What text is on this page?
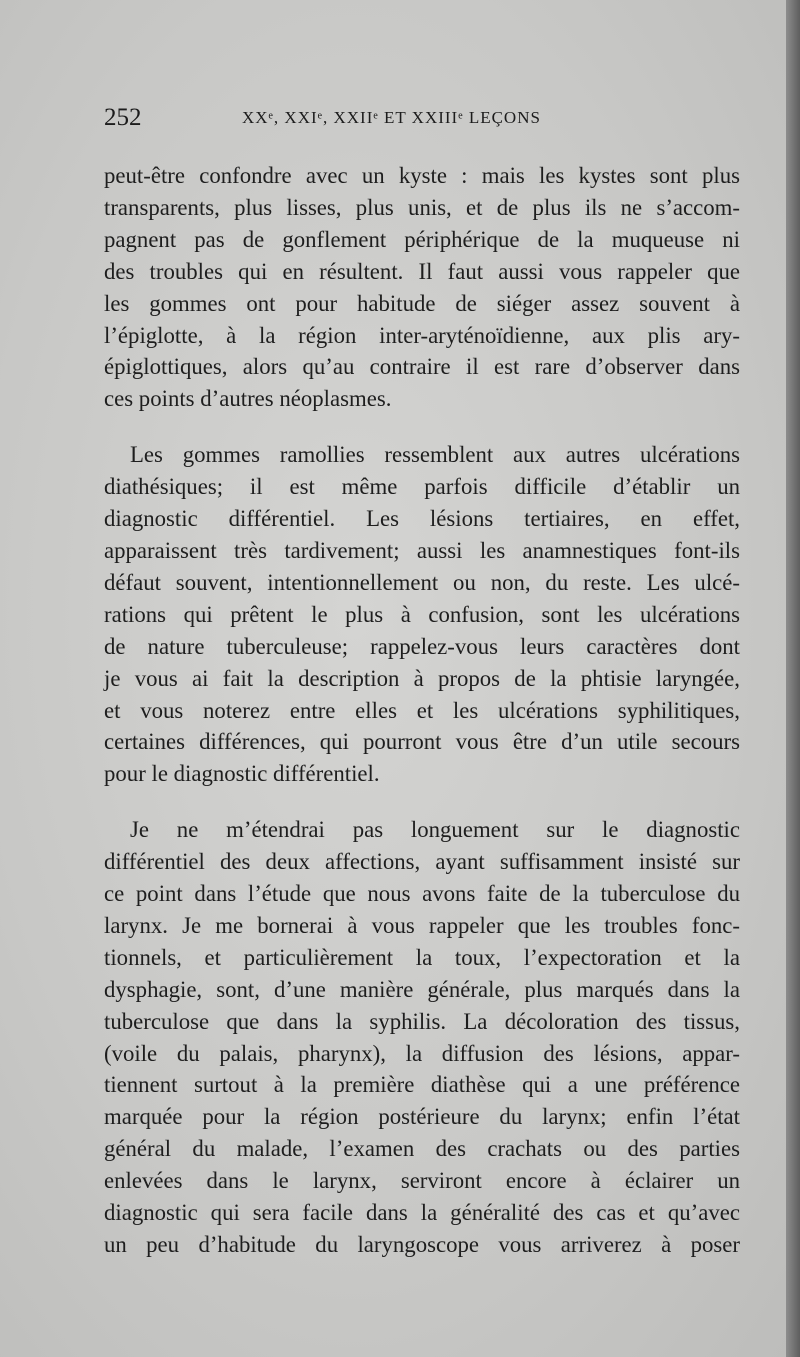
252	XXᵉ, XXIᵉ, XXIIᵉ ET XXIIIᵉ LEÇONS

peut-être confondre avec un kyste : mais les kystes sont plus
transparents, plus lisses, plus unis, et de plus ils ne s’accom-
pagnent pas de gonflement périphérique de la muqueuse ni
des troubles qui en résultent. Il faut aussi vous rappeler que
les gommes ont pour habitude de siéger assez souvent à
l’épiglotte, à la région inter-aryténoïdienne, aux plis ary-
épiglottiques, alors qu’au contraire il est rare d’observer dans
ces points d’autres néoplasmes.

Les gommes ramollies ressemblent aux autres ulcérations
diathésiques; il est même parfois difficile d’établir un
diagnostic différentiel. Les lésions tertiaires, en effet,
apparaissent très tardivement; aussi les anamnestiques font-ils
défaut souvent, intentionnellement ou non, du reste. Les ulcé-
rations qui prêtent le plus à confusion, sont les ulcérations
de nature tuberculeuse; rappelez-vous leurs caractères dont
je vous ai fait la description à propos de la phtisie laryngée,
et vous noterez entre elles et les ulcérations syphilitiques,
certaines différences, qui pourront vous être d’un utile secours
pour le diagnostic différentiel.

Je ne m’étendrai pas longuement sur le diagnostic
différentiel des deux affections, ayant suffisamment insisté sur
ce point dans l’étude que nous avons faite de la tuberculose du
larynx. Je me bornerai à vous rappeler que les troubles fonc-
tionnels, et particulièrement la toux, l’expectoration et la
dysphagie, sont, d’une manière générale, plus marqués dans la
tuberculose que dans la syphilis. La décoloration des tissus,
(voile du palais, pharynx), la diffusion des lésions, appar-
tiennent surtout à la première diathèse qui a une préférence
marquée pour la région postérieure du larynx; enfin l’état
général du malade, l’examen des crachats ou des parties
enlevées dans le larynx, serviront encore à éclairer un
diagnostic qui sera facile dans la généralité des cas et qu’avec
un peu d’habitude du laryngoscope vous arriverez à poser
